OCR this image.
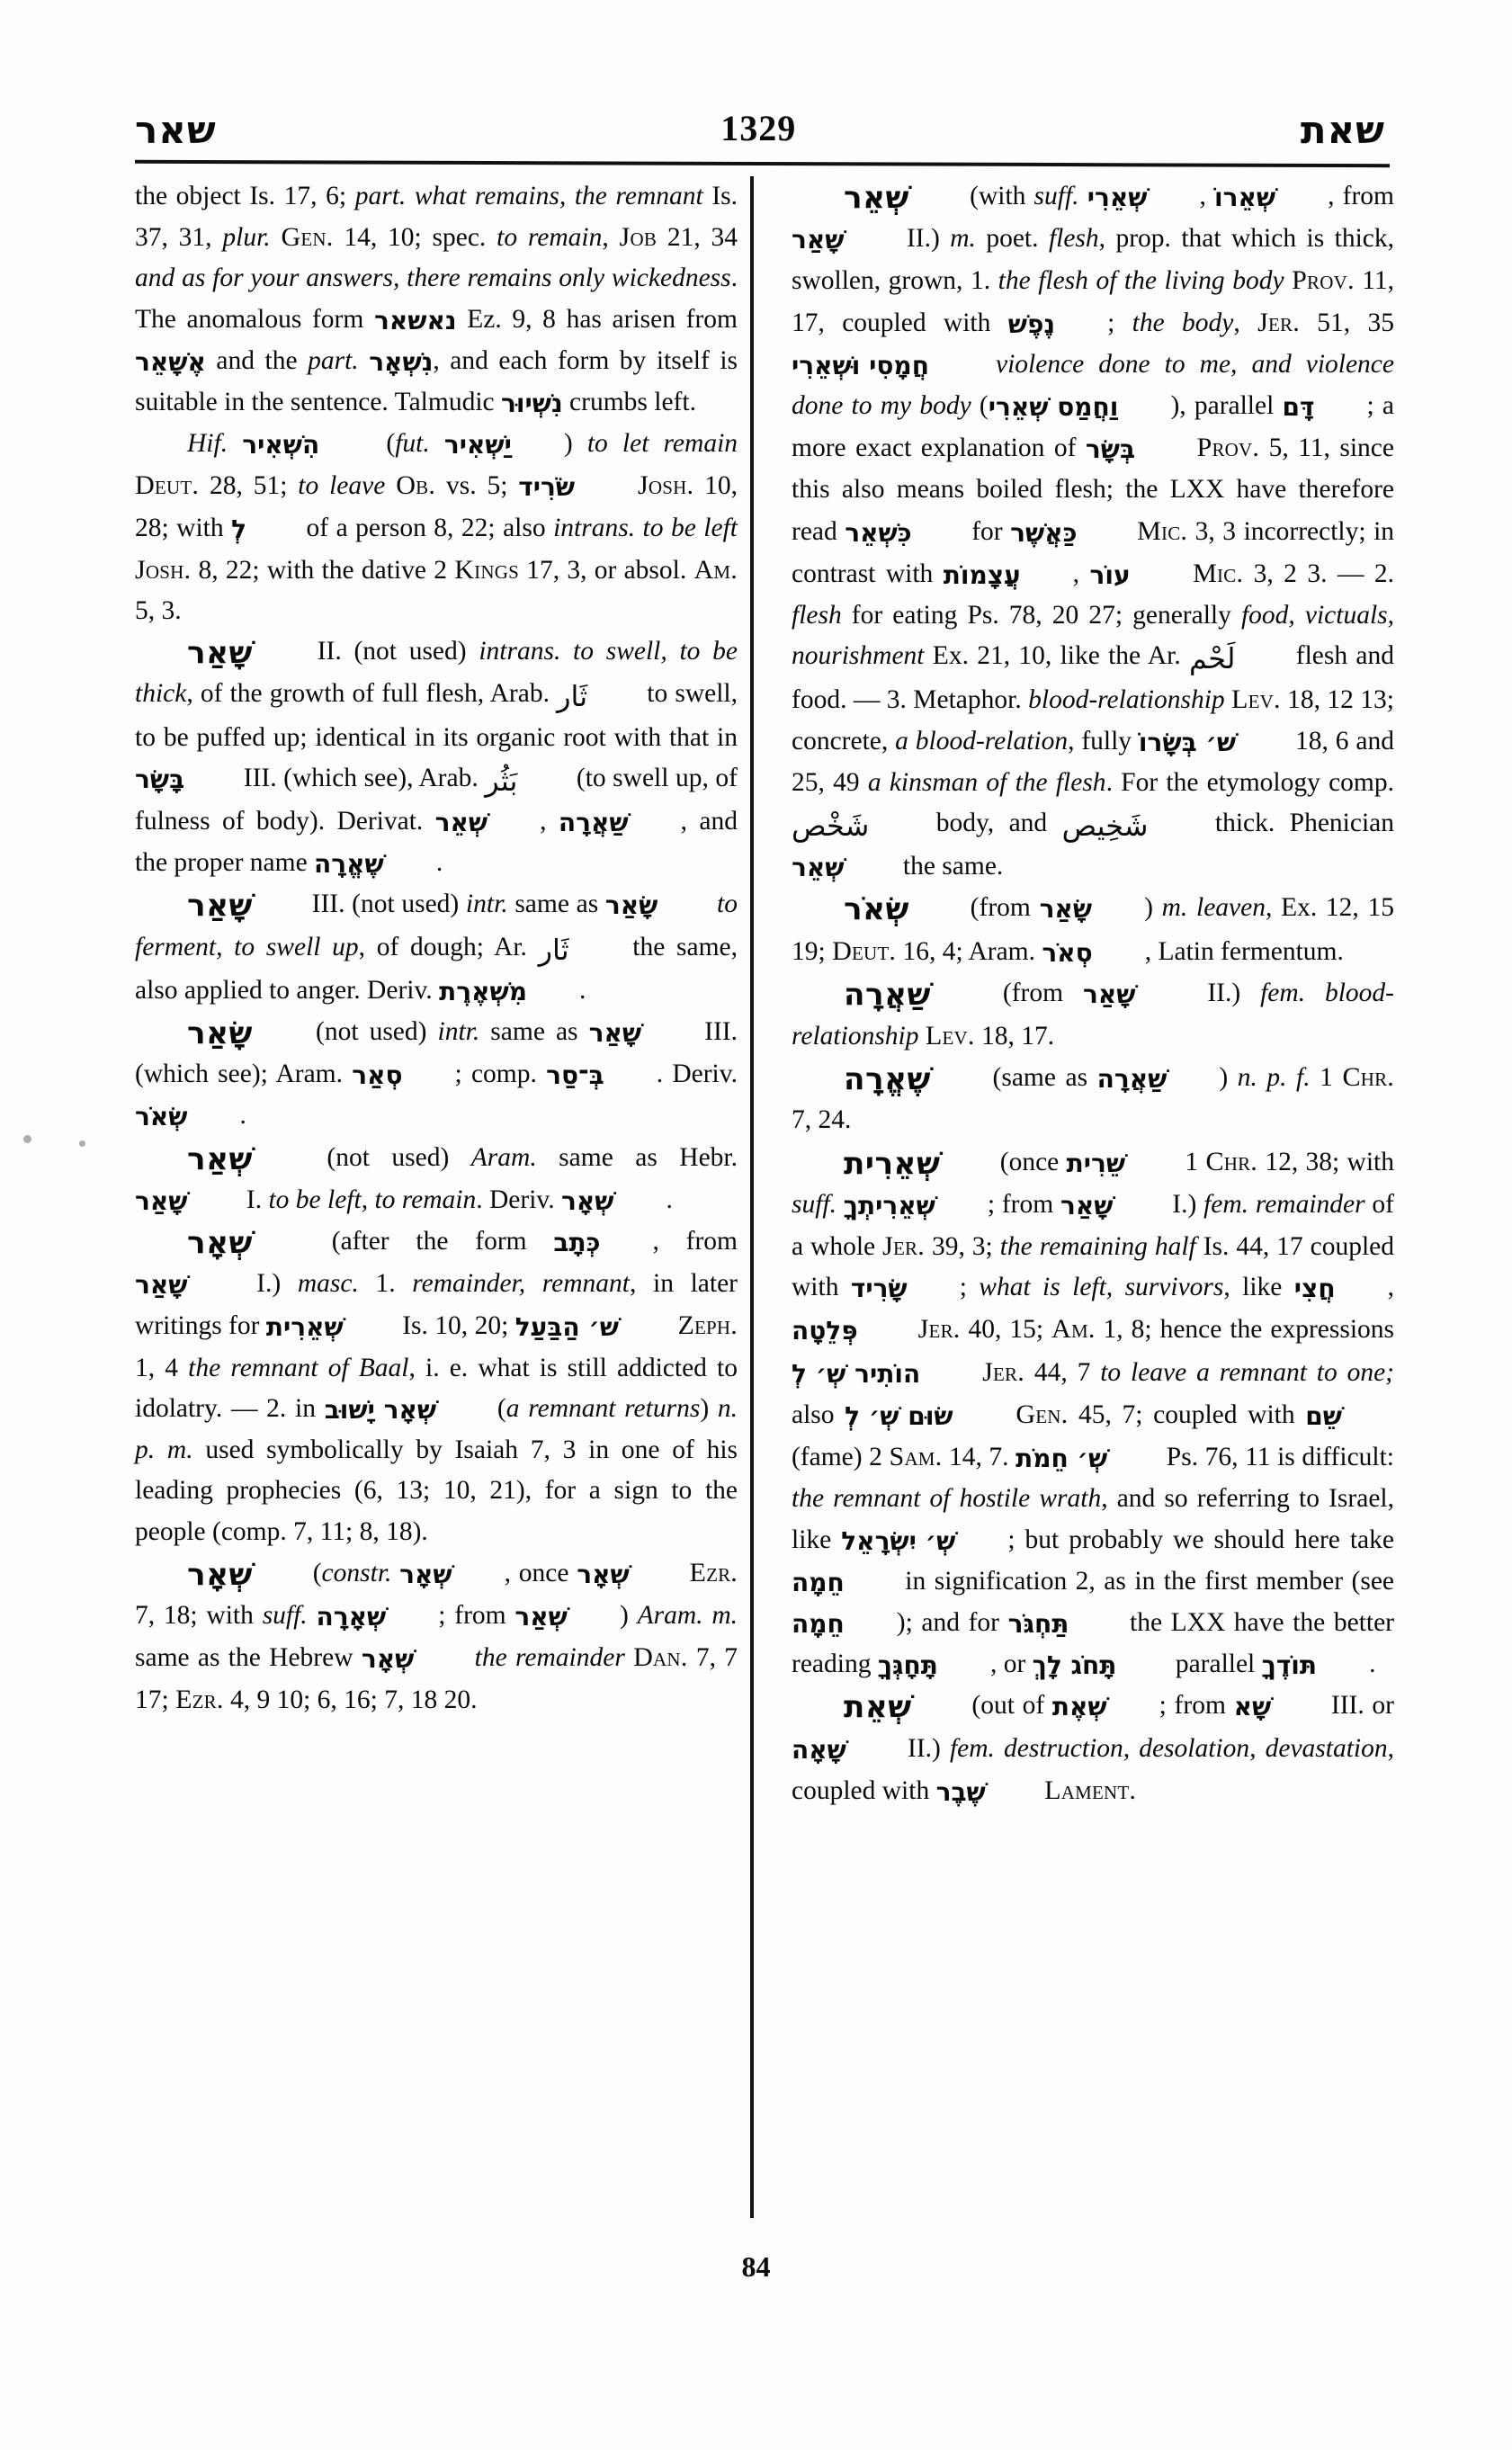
שאר	1329	שאת

the object Is. 17, 6; part. what remains, the remnant Is. 37, 31, plur. Gen. 14, 10; spec. to remain, Job 21, 34 and as for your answers, there remains only wickedness. The anomalous form נאשאר Ez. 9, 8 has arisen from אֶשָּׁאֵר and the part. נִשְׁאָר, and each form by itself is suitable in the sentence. Talmudic נִשְׁיוּר crumbs left.

Hif. הִשְׁאִיר (fut. יַשְׁאִיר ) to let remain Deut. 28, 51; to leave Ob. vs. 5; שֹׂרִיד Josh. 10, 28; with לְ of a person 8, 22; also intrans. to be left Josh. 8, 22; with the dative 2 Kings 17, 3, or absol. Am. 5, 3.

שָׁאַר II. (not used) intrans. to swell, to be thick, of the growth of full flesh, Arab. ثَار to swell, to be puffed up; identical in its organic root with that in בָּשָׂר III. (which see), Arab. بَثُر (to swell up, of fulness of body). Derivat. שְׁאֵר , שַׁאֲרָה , and the proper name שֶׁאֱרָה .

שָׁאַר III. (not used) intr. same as שָׂאַר to ferment, to swell up, of dough; Ar. ثَار the same, also applied to anger. Deriv. מִשְׁאֶרֶת .

שָׂאַר (not used) intr. same as שָׁאַר III. (which see); Aram. סְאַר ; comp. בְּ־סַר . Deriv. שְׂאֹר .

שְׁאַר (not used) Aram. same as Hebr. שָׁאַר I. to be left, to remain. Deriv. שְׁאָר .

שְׁאָר (after the form כְּתָב , from שָׁאַר I.) masc. 1. remainder, remnant, in later writings for שְׁאֵרִית Is. 10, 20; שׁ׳ הַבַּעַל Zeph. 1, 4 the remnant of Baal, i. e. what is still addicted to idolatry. — 2. in שְׁאָר יָשׁוּב (a remnant returns) n. p. m. used symbolically by Isaiah 7, 3 in one of his leading prophecies (6, 13; 10, 21), for a sign to the people (comp. 7, 11; 8, 18).

שְׁאָר (constr. שְׁאָר , once שְׁאָר Ezr. 7, 18; with suff. שְׁאָרָה ; from שְׁאַר ) Aram. m. same as the Hebrew שְׁאָר the remainder Dan. 7, 7 17; Ezr. 4, 9 10; 6, 16; 7, 18 20.

שְׁאֵר (with suff. שְׁאֵרִי , שְׁאֵרוֹ , from שָׁאַר II.) m. poet. flesh, prop. that which is thick, swollen, grown, 1. the flesh of the living body Prov. 11, 17, coupled with נֶפֶשׁ ; the body, Jer. 51, 35 חֲמָסִי וּשְׁאֵרִי	violence done to me, and violence done to my body (וַחֲמַס שְׁאֵרִי ), parallel דָּם ; a more exact explanation of בְּשָׂר Prov. 5, 11, since this also means boiled flesh; the LXX have therefore read כִּשְׁאֵר for כַּאֲשֶׁר Mic. 3, 3 incorrectly; in contrast with עֲצָמוֹת , עוֹר Mic. 3, 2 3. — 2. flesh for eating Ps. 78, 20 27; generally food, victuals, nourishment Ex. 21, 10, like the Ar. لَحْم flesh and food. — 3. Metaphor. blood-relationship Lev. 18, 12 13; concrete, a blood-relation, fully שׁ׳ בְּשָׂרוֹ 18, 6 and 25, 49 a kinsman of the flesh. For the etymology comp. شَخْص body, and شَخِيص thick. Phenician שְׁאֵר the same.

שְׂאֹר (from שָׂאַר ) m. leaven, Ex. 12, 15 19; Deut. 16, 4; Aram. סְאֹר , Latin fermentum.

שַׁאֲרָה (from שָׁאַר II.) fem. blood-relationship Lev. 18, 17.

שֶׁאֱרָה (same as שַׁאֲרָה ) n. p. f. 1 Chr. 7, 24.

שְׁאֵרִית (once שֵׁרִית 1 Chr. 12, 38; with suff. שְׁאֵרִיתְךָ ; from שָׁאַר I.) fem. remainder of a whole Jer. 39, 3; the remaining half Is. 44, 17 coupled with שָׂרִיד ; what is left, survivors, like חֲצִי , פְּלֵטָה Jer. 40, 15; Am. 1, 8; hence the expressions הוֹתִיר שְׁ׳ לְ Jer. 44, 7 to leave a remnant to one; also שׂוּם שְׁ׳ לְ Gen. 45, 7; coupled with שֵׁם (fame) 2 Sam. 14, 7. שְׁ׳ חֵמֹת Ps. 76, 11 is difficult: the remnant of hostile wrath, and so referring to Israel, like שְׁ׳ יִשְׂרָאֵל ; but probably we should here take חֵמָה in signification 2, as in the first member (see חֵמָה ); and for תַּחְגֹּר the LXX have the better reading תָּחָגְּךָ , or תָּחֹג לָךְ parallel תּוֹדֶךָ .

שְׁאֵת (out of שְׁאֶת ; from שָׁא III. or שָׁאָה II.) fem. destruction, desolation, devastation, coupled with שֶׁבֶר Lament.

84
